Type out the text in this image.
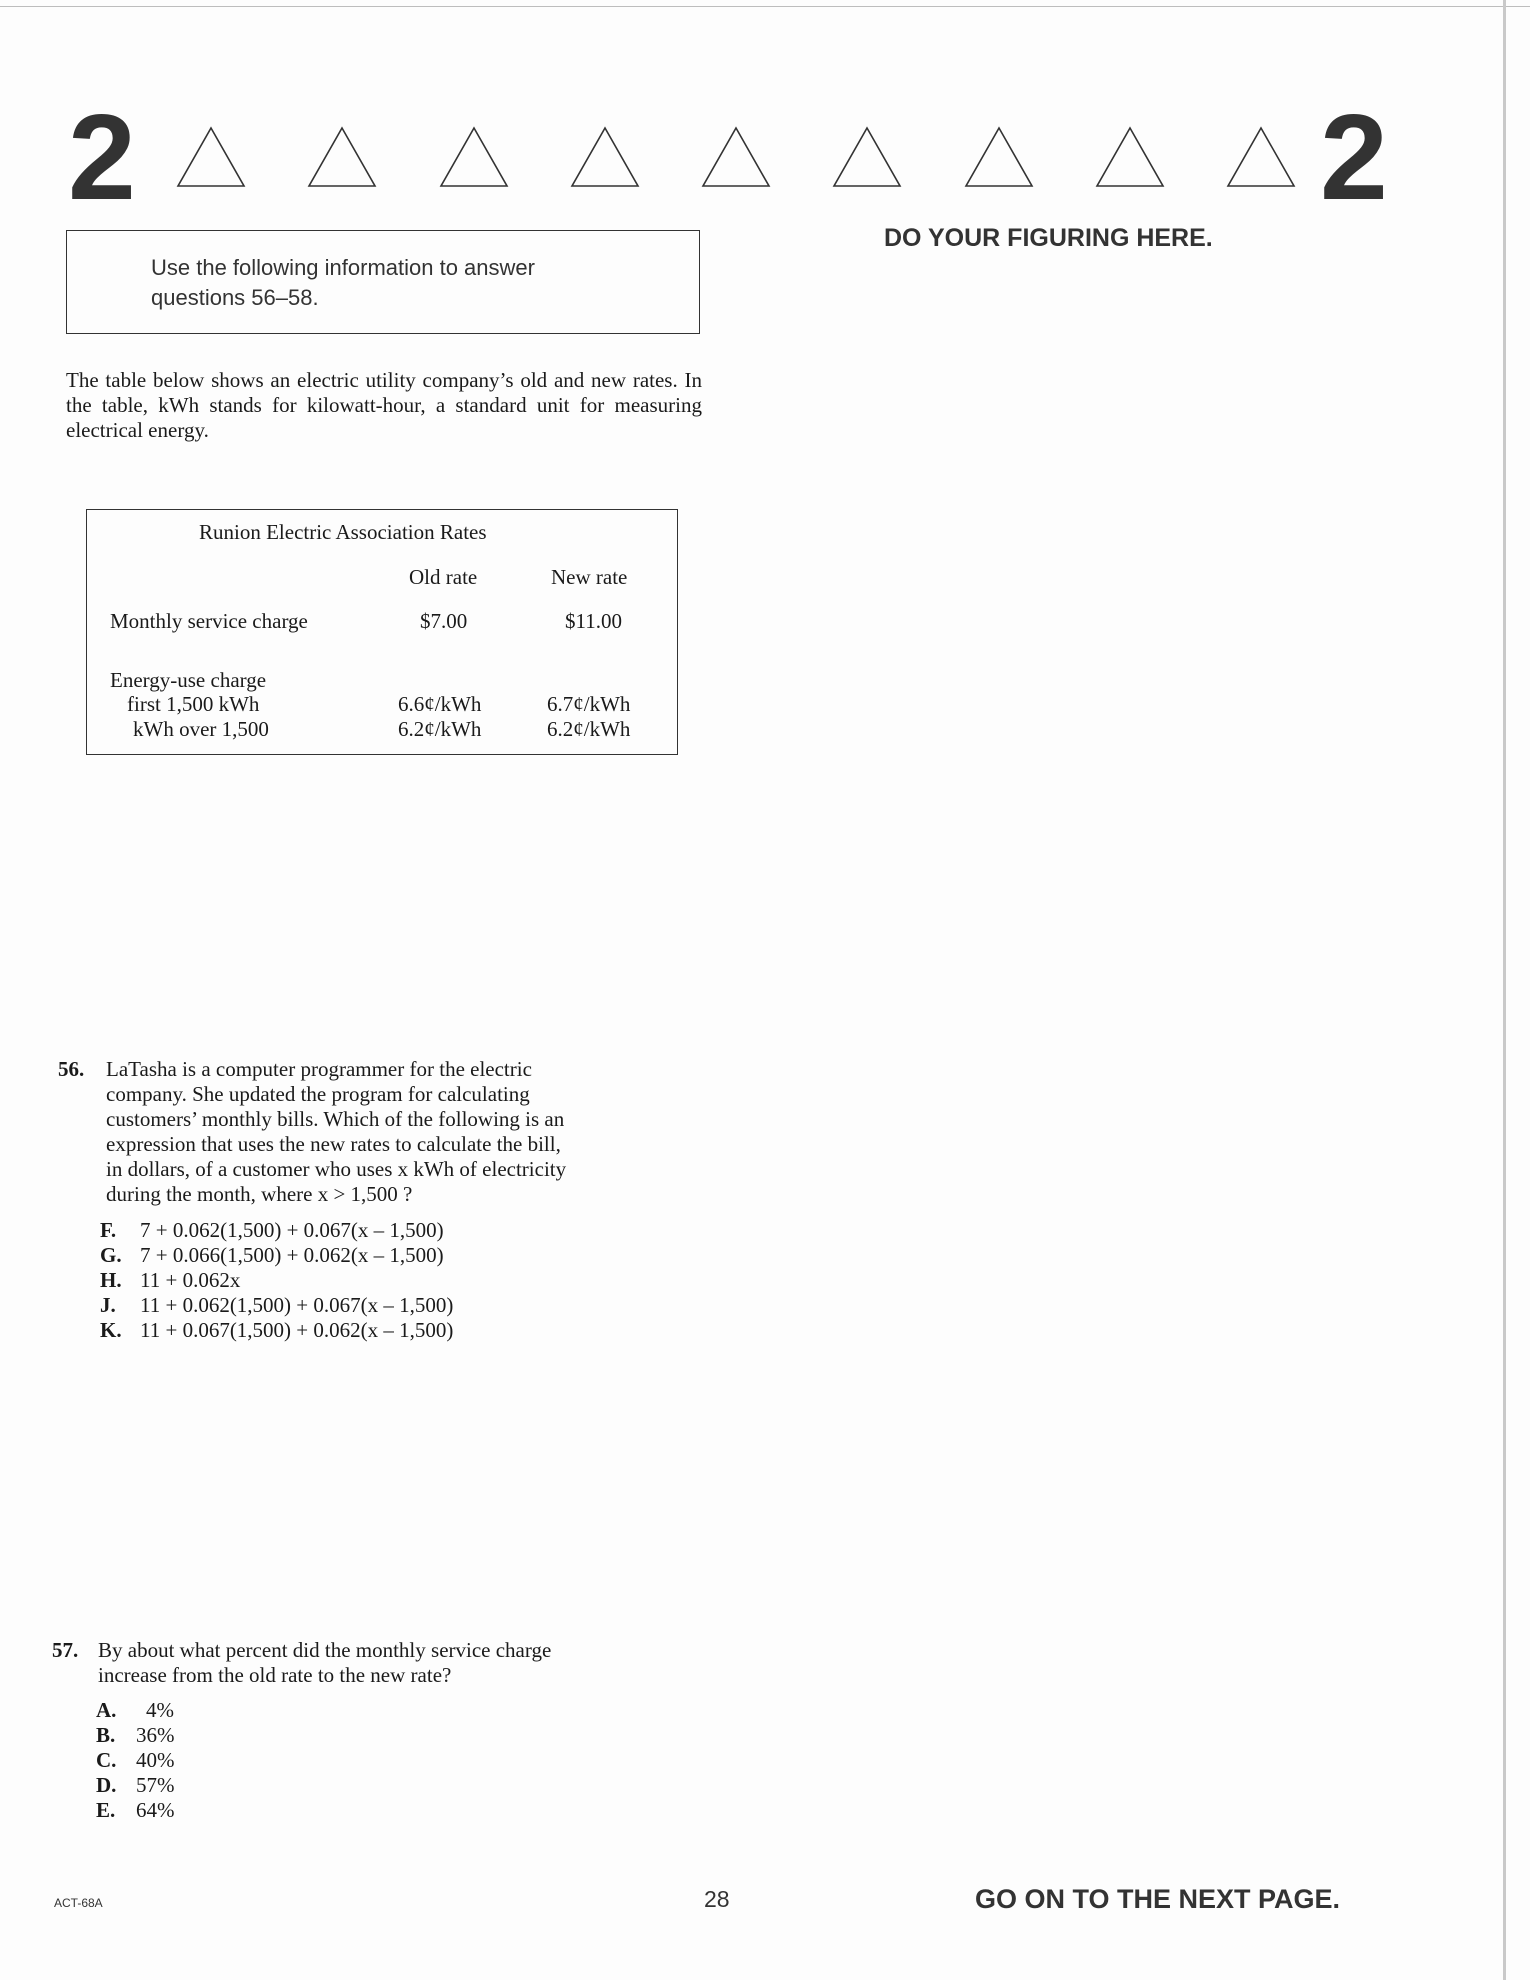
2	2

Use the following information to answer questions 56–58.

DO YOUR FIGURING HERE.

The table below shows an electric utility company’s old and new rates. In the table, kWh stands for kilowatt-hour, a standard unit for measuring electrical energy.

Runion Electric Association Rates
Old rate	New rate
Monthly service charge	$7.00	$11.00
Energy-use charge
first 1,500 kWh	6.6¢/kWh	6.7¢/kWh
kWh over 1,500	6.2¢/kWh	6.2¢/kWh
56. LaTasha is a computer programmer for the electric
company. She updated the program for calculating
customers’ monthly bills. Which of the following is an
expression that uses the new rates to calculate the bill,
in dollars, of a customer who uses x kWh of electricity
during the month, where x > 1,500 ?
F.	7 + 0.062(1,500) + 0.067(x – 1,500)
G. 7 + 0.066(1,500) + 0.062(x – 1,500)
H. 11 + 0.062x
J.	11 + 0.062(1,500) + 0.067(x – 1,500)
K. 11 + 0.067(1,500) + 0.062(x – 1,500)
57. By about what percent did the monthly service charge
increase from the old rate to the new rate?
A.	4%
B. 36%
C. 40%
D. 57%
E. 64%
ACT-68A	28	GO ON TO THE NEXT PAGE.
